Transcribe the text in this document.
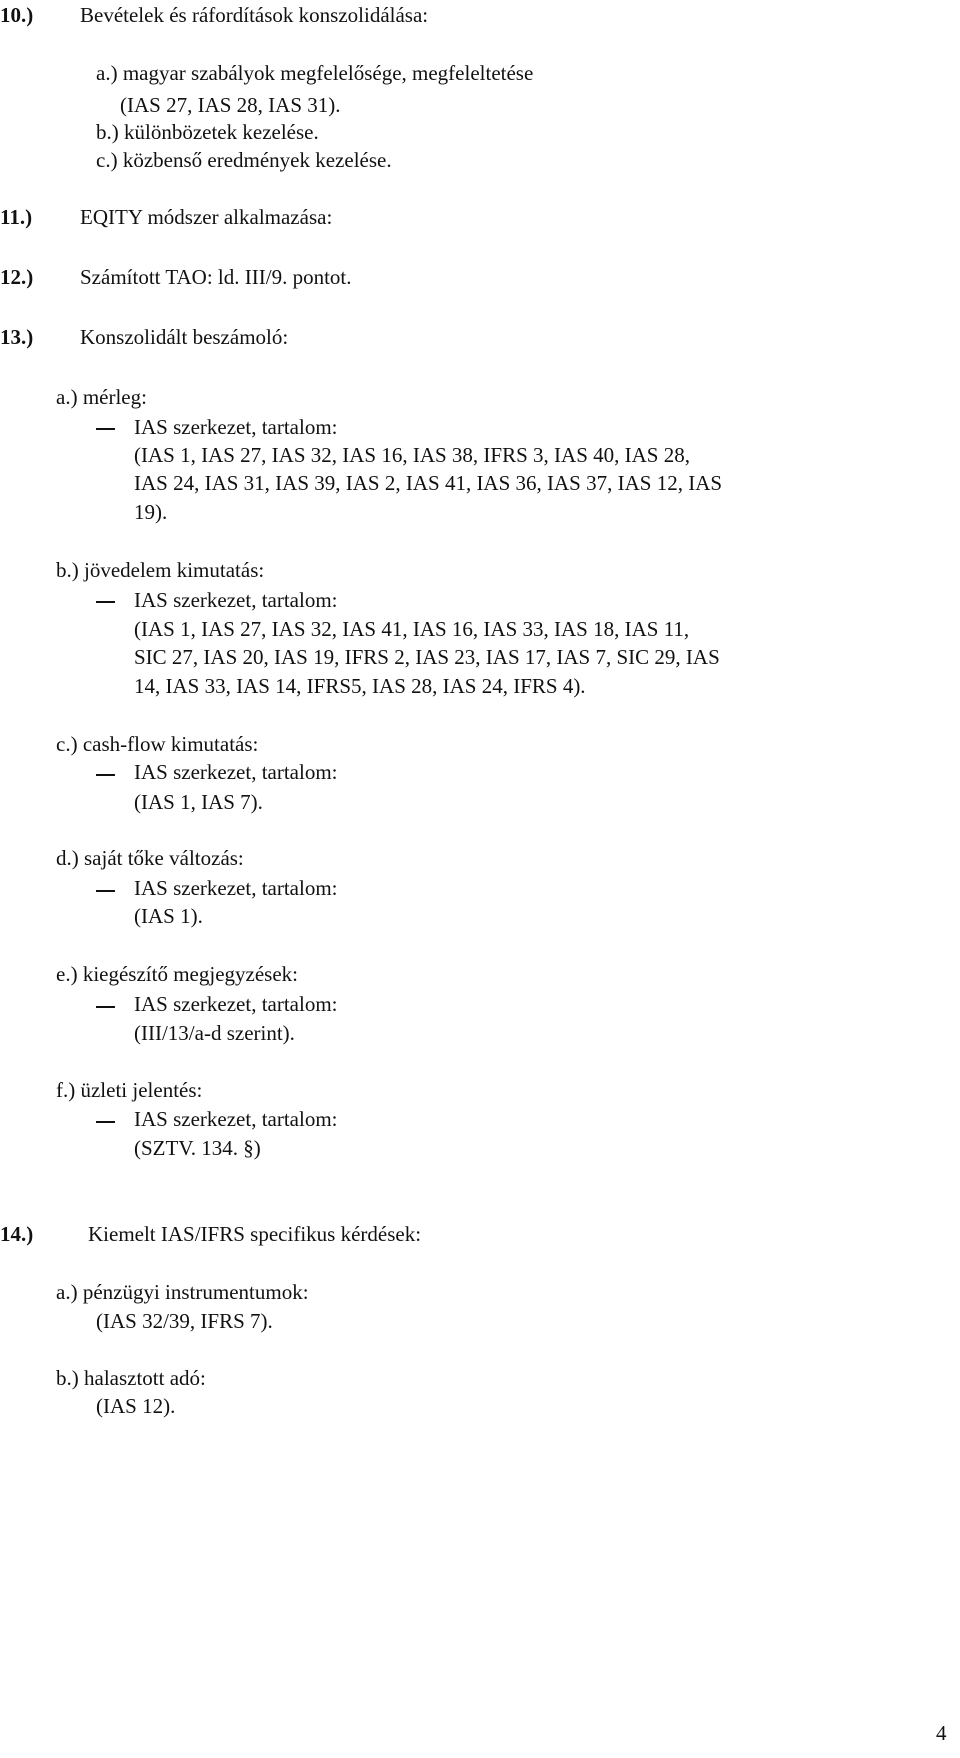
10.) Bevételek és ráfordítások konszolidálása:
a.) magyar szabályok megfelelősége, megfeleltetése
(IAS 27, IAS 28, IAS 31).
b.) különbözetek kezelése.
c.) közbenső eredmények kezelése.
11.) EQITY módszer alkalmazása:
12.) Számított TAO: ld. III/9. pontot.
13.) Konszolidált beszámoló:
a.) mérleg:
IAS szerkezet, tartalom:
(IAS 1, IAS 27, IAS 32, IAS 16, IAS 38, IFRS 3, IAS 40, IAS 28,
IAS 24, IAS 31, IAS 39, IAS 2, IAS 41, IAS 36, IAS 37, IAS 12, IAS
19).
b.) jövedelem kimutatás:
IAS szerkezet, tartalom:
(IAS 1, IAS 27, IAS 32, IAS 41, IAS 16, IAS 33, IAS 18, IAS 11,
SIC 27, IAS 20, IAS 19, IFRS 2, IAS 23, IAS 17, IAS 7, SIC 29, IAS
14, IAS 33, IAS 14, IFRS5, IAS 28, IAS 24, IFRS 4).
c.) cash-flow kimutatás:
IAS szerkezet, tartalom:
(IAS 1, IAS 7).
d.) saját tőke változás:
IAS szerkezet, tartalom:
(IAS 1).
e.) kiegészítő megjegyzések:
IAS szerkezet, tartalom:
(III/13/a-d szerint).
f.) üzleti jelentés:
IAS szerkezet, tartalom:
(SZTV. 134. §)
14.)	Kiemelt IAS/IFRS specifikus kérdések:
a.) pénzügyi instrumentumok:
(IAS 32/39, IFRS 7).
b.) halasztott adó:
(IAS 12).
4
